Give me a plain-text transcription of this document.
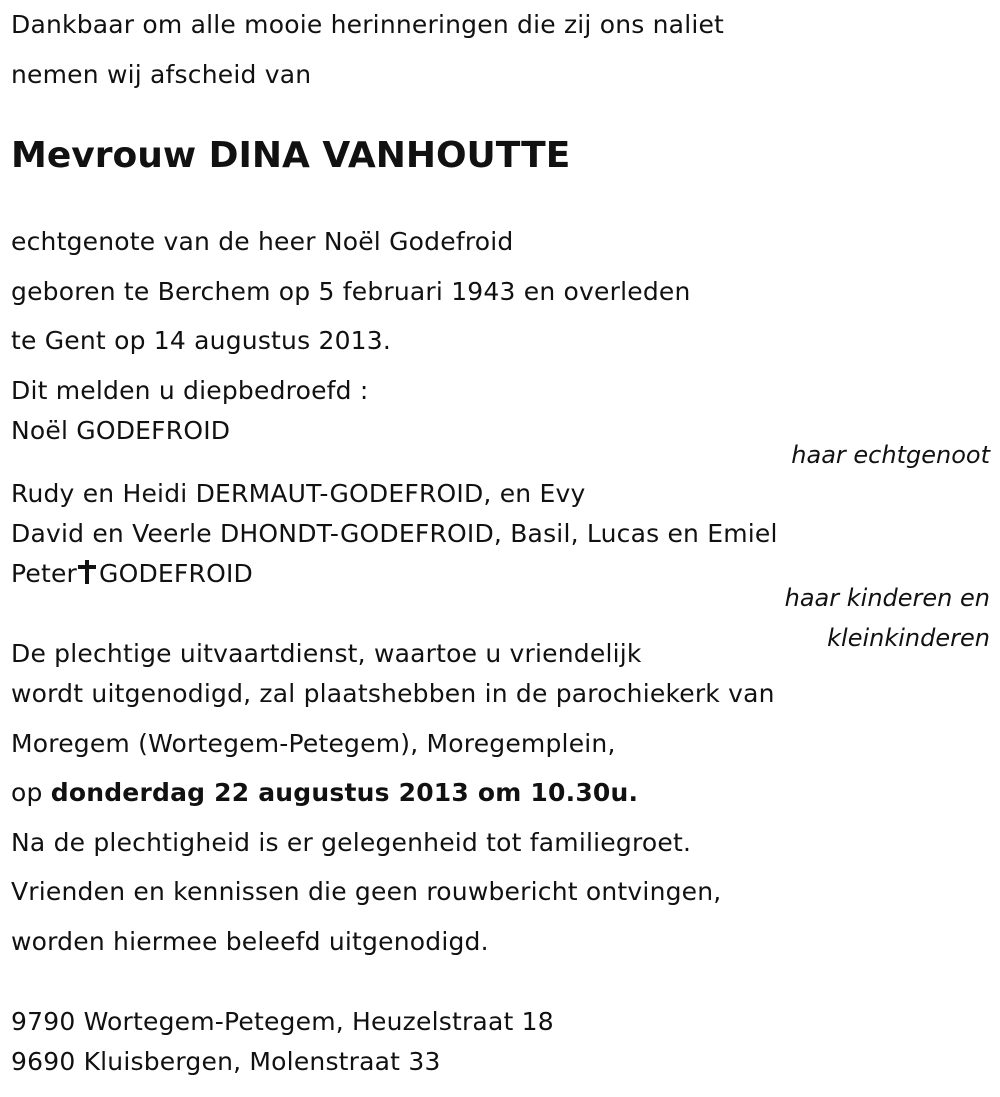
Dankbaar om alle mooie herinneringen die zij ons naliet
nemen wij afscheid van
Mevrouw DINA VANHOUTTE
echtgenote van de heer Noël Godefroid
geboren te Berchem op 5 februari 1943 en overleden
te Gent op 14 augustus 2013.
Dit melden u diepbedroefd :
Noël GODEFROID
haar echtgenoot
Rudy en Heidi DERMAUT-GODEFROID, en Evy
David en Veerle DHONDT-GODEFROID, Basil, Lucas en Emiel
Peter GODEFROID
haar kinderen en
kleinkinderen
De plechtige uitvaartdienst, waartoe u vriendelijk
wordt uitgenodigd, zal plaatshebben in de parochiekerk van
Moregem (Wortegem-Petegem), Moregemplein,
op donderdag 22 augustus 2013 om 10.30u.
Na de plechtigheid is er gelegenheid tot familiegroet.
Vrienden en kennissen die geen rouwbericht ontvingen,
worden hiermee beleefd uitgenodigd.
9790 Wortegem-Petegem, Heuzelstraat 18
9690 Kluisbergen, Molenstraat 33
